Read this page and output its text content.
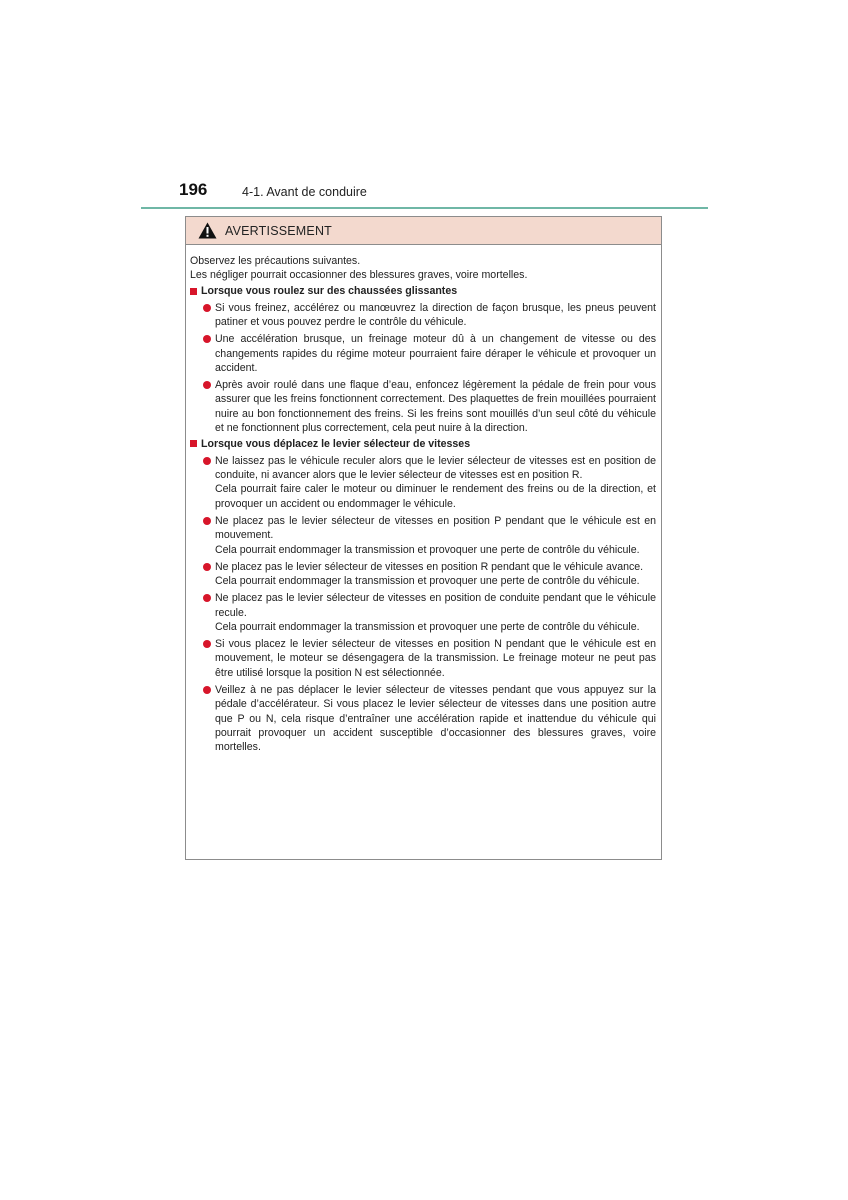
196	4-1. Avant de conduire
AVERTISSEMENT

Observez les précautions suivantes.

Les négliger pourrait occasionner des blessures graves, voire mortelles.

Lorsque vous roulez sur des chaussées glissantes

Si vous freinez, accélérez ou manœuvrez la direction de façon brusque, les pneus peuvent patiner et vous pouvez perdre le contrôle du véhicule.

Une accélération brusque, un freinage moteur dû à un changement de vitesse ou des changements rapides du régime moteur pourraient faire déraper le véhicule et provoquer un accident.

Après avoir roulé dans une flaque d’eau, enfoncez légèrement la pédale de frein pour vous assurer que les freins fonctionnent correctement. Des plaquettes de frein mouillées pourraient nuire au bon fonctionnement des freins. Si les freins sont mouillés d’un seul côté du véhicule et ne fonctionnent plus correctement, cela peut nuire à la direction.

Lorsque vous déplacez le levier sélecteur de vitesses

Ne laissez pas le véhicule reculer alors que le levier sélecteur de vitesses est en position de conduite, ni avancer alors que le levier sélecteur de vitesses est en position R.

Cela pourrait faire caler le moteur ou diminuer le rendement des freins ou de la direction, et provoquer un accident ou endommager le véhicule.

Ne placez pas le levier sélecteur de vitesses en position P pendant que le véhicule est en mouvement.

Cela pourrait endommager la transmission et provoquer une perte de contrôle du véhicule.

Ne placez pas le levier sélecteur de vitesses en position R pendant que le véhicule avance.

Cela pourrait endommager la transmission et provoquer une perte de contrôle du véhicule.

Ne placez pas le levier sélecteur de vitesses en position de conduite pendant que le véhicule recule.

Cela pourrait endommager la transmission et provoquer une perte de contrôle du véhicule.

Si vous placez le levier sélecteur de vitesses en position N pendant que le véhicule est en mouvement, le moteur se désengagera de la transmission. Le freinage moteur ne peut pas être utilisé lorsque la position N est sélectionnée.

Veillez à ne pas déplacer le levier sélecteur de vitesses pendant que vous appuyez sur la pédale d’accélérateur. Si vous placez le levier sélecteur de vitesses dans une position autre que P ou N, cela risque d’entraîner une accélération rapide et inattendue du véhicule qui pourrait provoquer un accident susceptible d’occasionner des blessures graves, voire mortelles.
